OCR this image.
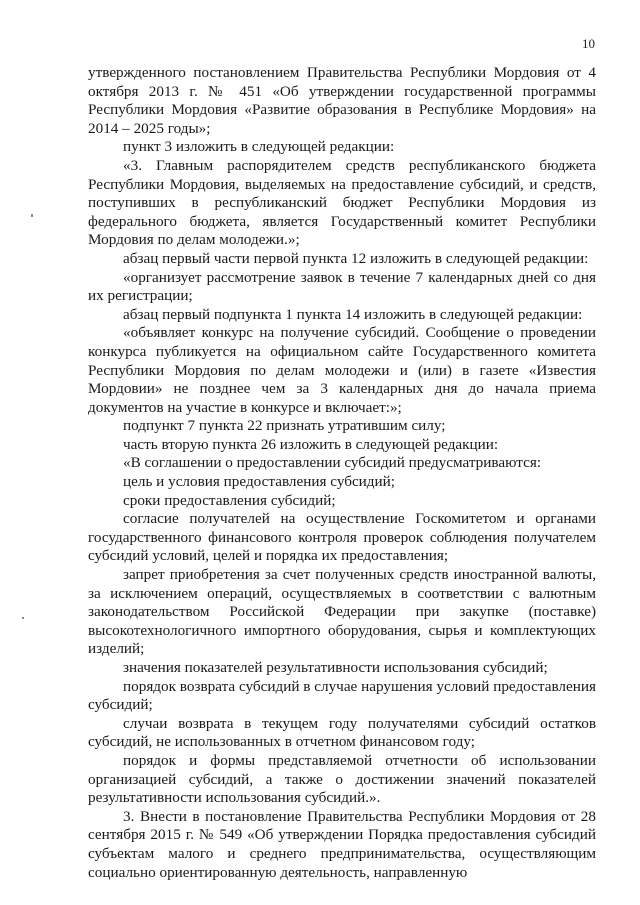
10

утвержденного постановлением Правительства Республики Мордовия от 4 октября 2013 г. № 451 «Об утверждении государственной программы Республики Мордовия «Развитие образования в Республике Мордовия» на 2014 – 2025 годы»;

пункт 3 изложить в следующей редакции:

«3. Главным распорядителем средств республиканского бюджета Республики Мордовия, выделяемых на предоставление субсидий, и средств, поступивших в республиканский бюджет Республики Мордовия из федерального бюджета, является Государственный комитет Республики Мордовия по делам молодежи.»;

абзац первый части первой пункта 12 изложить в следующей редакции:

«организует рассмотрение заявок в течение 7 календарных дней со дня их регистрации;

абзац первый подпункта 1 пункта 14 изложить в следующей редакции:

«объявляет конкурс на получение субсидий. Сообщение о проведении конкурса публикуется на официальном сайте Государственного комитета Республики Мордовия по делам молодежи и (или) в газете «Известия Мордовии» не позднее чем за 3 календарных дня до начала приема документов на участие в конкурсе и включает:»;

подпункт 7 пункта 22 признать утратившим силу;

часть вторую пункта 26 изложить в следующей редакции:

«В соглашении о предоставлении субсидий предусматриваются:

цель и условия предоставления субсидий;

сроки предоставления субсидий;

согласие получателей на осуществление Госкомитетом и органами государственного финансового контроля проверок соблюдения получателем субсидий условий, целей и порядка их предоставления;

запрет приобретения за счет полученных средств иностранной валюты, за исключением операций, осуществляемых в соответствии с валютным законодательством Российской Федерации при закупке (поставке) высокотехнологичного импортного оборудования, сырья и комплектующих изделий;

значения показателей результативности использования субсидий;

порядок возврата субсидий в случае нарушения условий предоставления субсидий;

случаи возврата в текущем году получателями субсидий остатков субсидий, не использованных в отчетном финансовом году;

порядок и формы представляемой отчетности об использовании организацией субсидий, а также о достижении значений показателей результативности использования субсидий.».

3. Внести в постановление Правительства Республики Мордовия от 28 сентября 2015 г. № 549 «Об утверждении Порядка предоставления субсидий субъектам малого и среднего предпринимательства, осуществляющим социально ориентированную деятельность, направленную
